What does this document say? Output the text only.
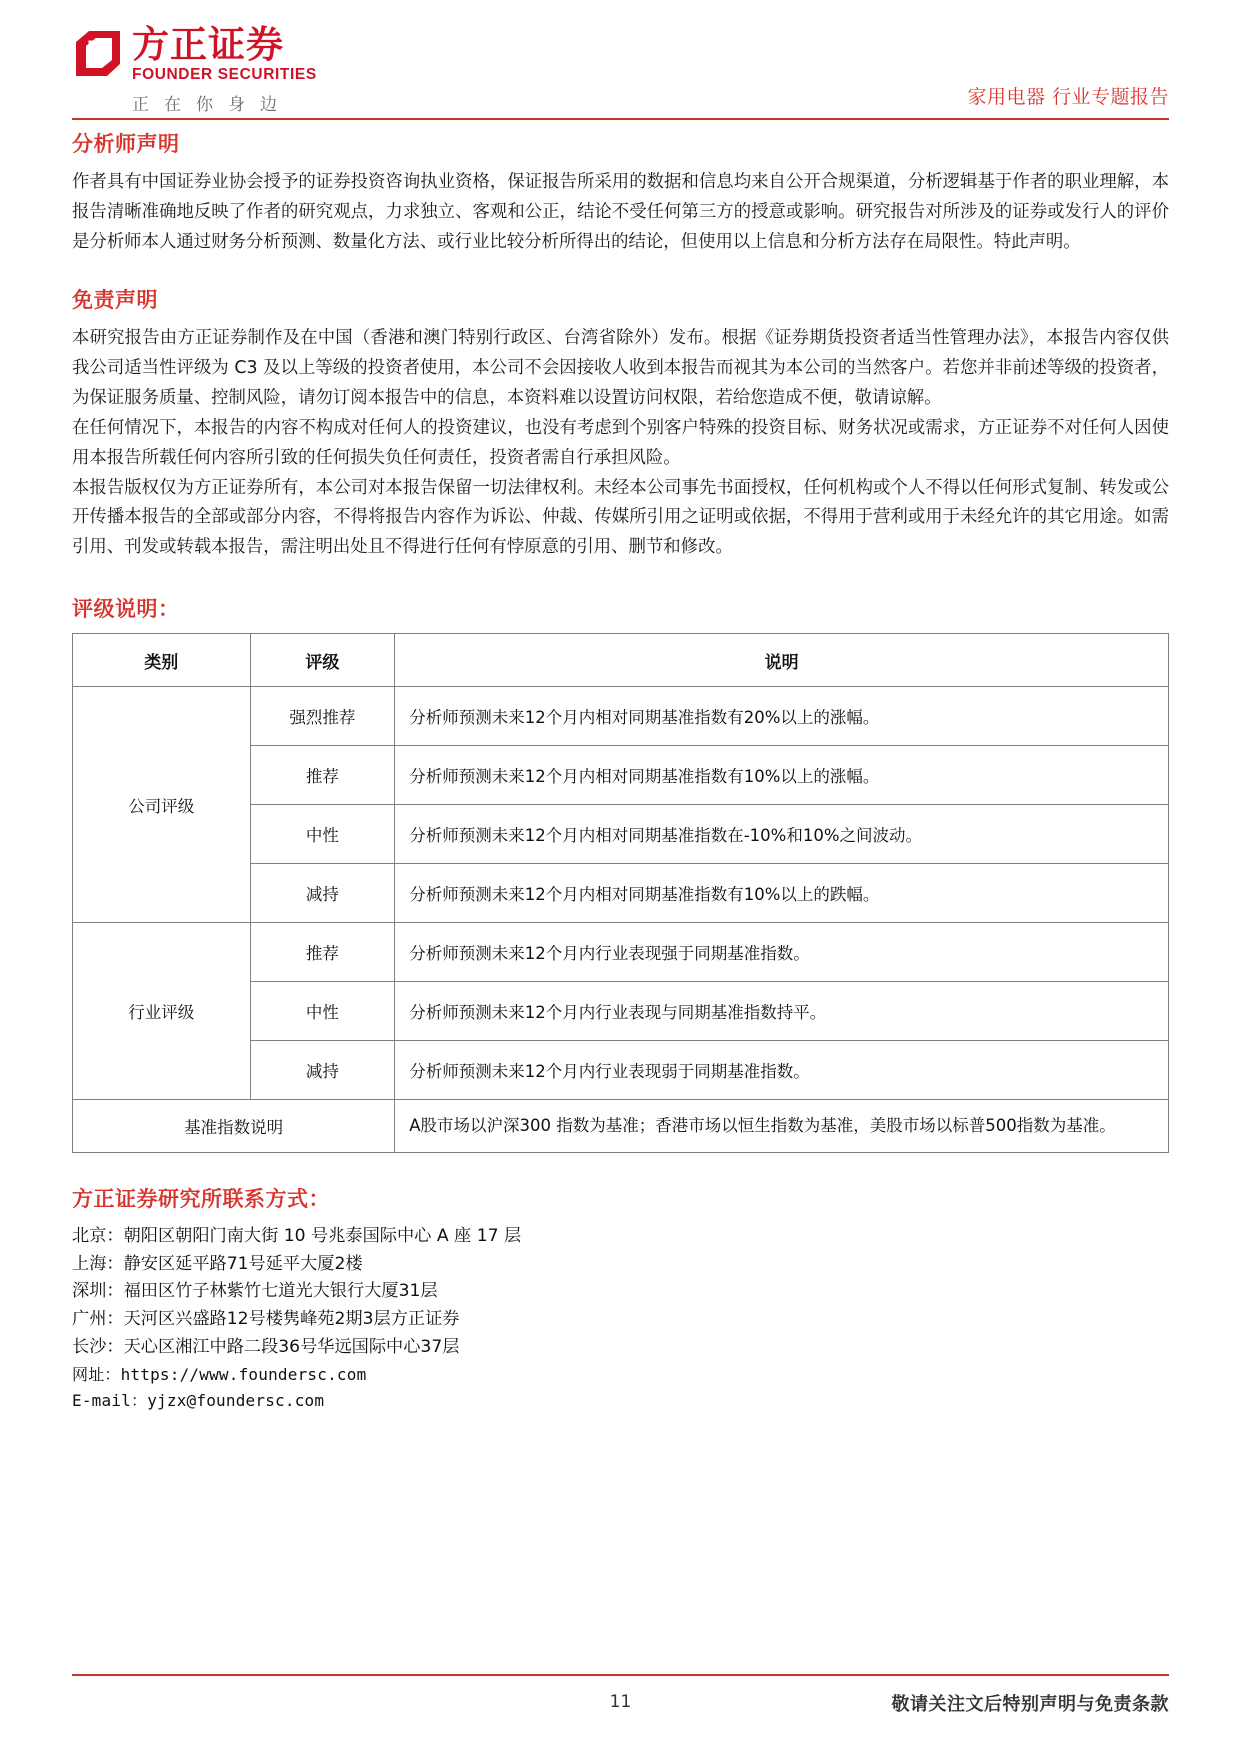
方正证券
FOUNDER SECURITIES
正在你身边	家用电器 行业专题报告
分析师声明

作者具有中国证券业协会授予的证券投资咨询执业资格，保证报告所采用的数据和信息均来自公开合规渠道，分析逻辑基于作者的职业理解，本报告清晰准确地反映了作者的研究观点，力求独立、客观和公正，结论不受任何第三方的授意或影响。研究报告对所涉及的证券或发行人的评价是分析师本人通过财务分析预测、数量化方法、或行业比较分析所得出的结论，但使用以上信息和分析方法存在局限性。特此声明。

免责声明

本研究报告由方正证券制作及在中国（香港和澳门特别行政区、台湾省除外）发布。根据《证券期货投资者适当性管理办法》，本报告内容仅供我公司适当性评级为 C3 及以上等级的投资者使用，本公司不会因接收人收到本报告而视其为本公司的当然客户。若您并非前述等级的投资者，为保证服务质量、控制风险，请勿订阅本报告中的信息，本资料难以设置访问权限，若给您造成不便，敬请谅解。

在任何情况下，本报告的内容不构成对任何人的投资建议，也没有考虑到个别客户特殊的投资目标、财务状况或需求，方正证券不对任何人因使用本报告所载任何内容所引致的任何损失负任何责任，投资者需自行承担风险。

本报告版权仅为方正证券所有，本公司对本报告保留一切法律权利。未经本公司事先书面授权，任何机构或个人不得以任何形式复制、转发或公开传播本报告的全部或部分内容，不得将报告内容作为诉讼、仲裁、传媒所引用之证明或依据，不得用于营利或用于未经允许的其它用途。如需引用、刊发或转载本报告，需注明出处且不得进行任何有悖原意的引用、删节和修改。

评级说明：
类别	评级	说明
公司评级	强烈推荐	分析师预测未来12个月内相对同期基准指数有20%以上的涨幅。
	推荐	分析师预测未来12个月内相对同期基准指数有10%以上的涨幅。
	中性	分析师预测未来12个月内相对同期基准指数在-10%和10%之间波动。
	减持	分析师预测未来12个月内相对同期基准指数有10%以上的跌幅。
行业评级	推荐	分析师预测未来12个月内行业表现强于同期基准指数。
	中性	分析师预测未来12个月内行业表现与同期基准指数持平。
	减持	分析师预测未来12个月内行业表现弱于同期基准指数。
基准指数说明		A股市场以沪深300 指数为基准；香港市场以恒生指数为基准，美股市场以标普500指数为基准。
方正证券研究所联系方式：
北京：朝阳区朝阳门南大街 10 号兆泰国际中心 A 座 17 层
上海：静安区延平路71号延平大厦2楼
深圳：福田区竹子林紫竹七道光大银行大厦31层
广州：天河区兴盛路12号楼隽峰苑2期3层方正证券
长沙：天心区湘江中路二段36号华远国际中心37层
网址：https://www.foundersc.com
E-mail：yjzx@foundersc.com
11	敬请关注文后特别声明与免责条款
